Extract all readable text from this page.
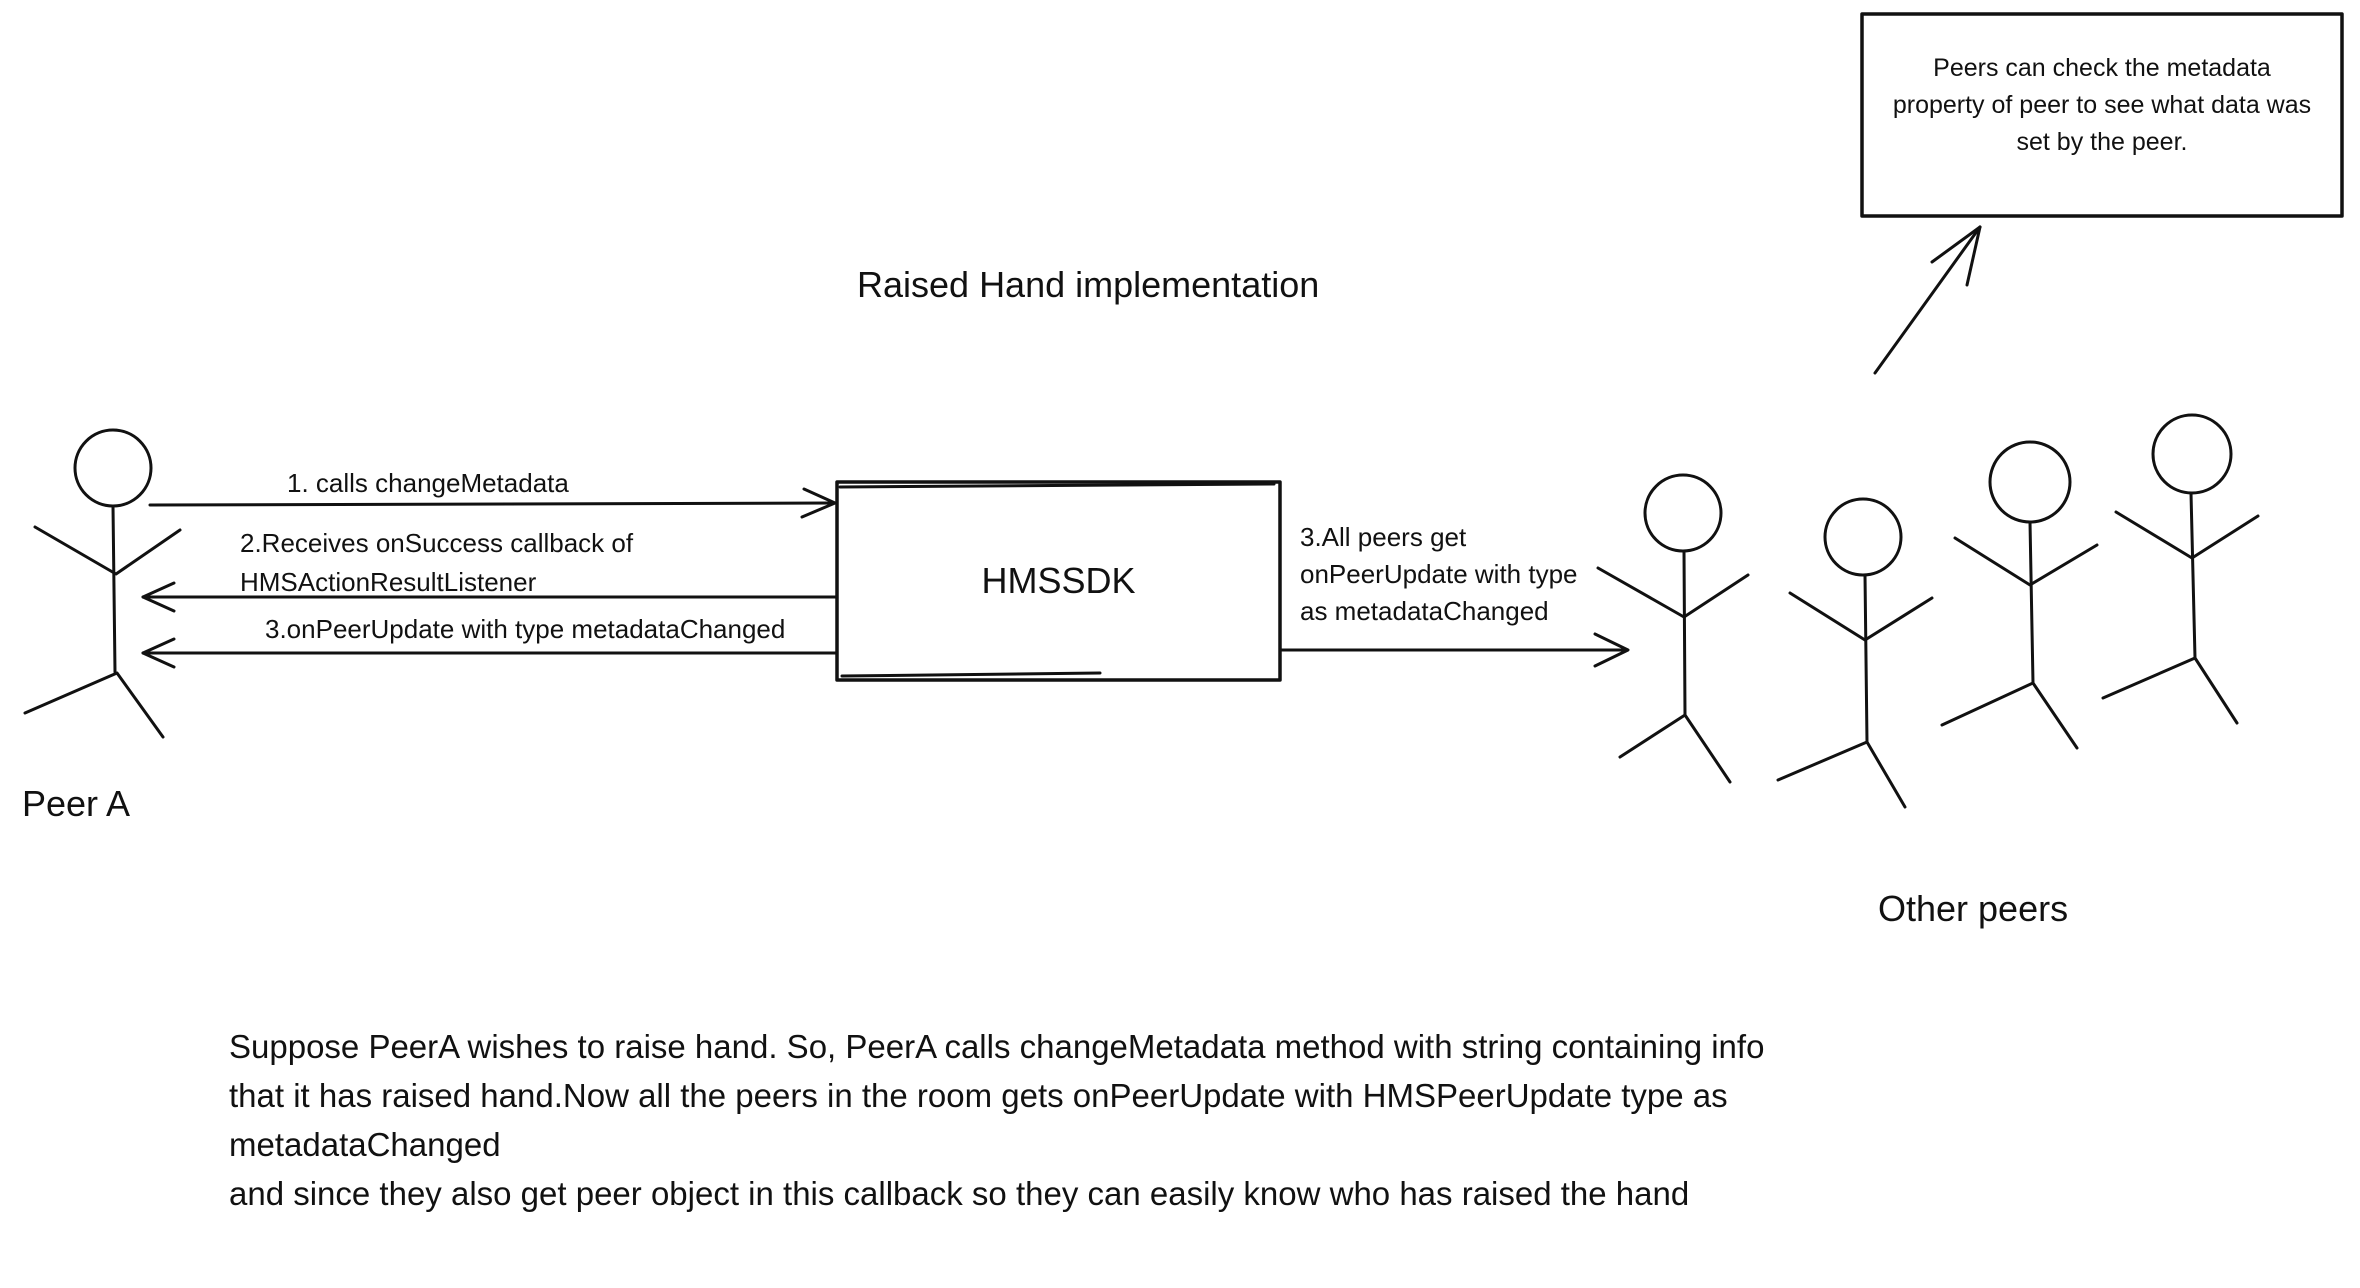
Raised Hand implementation
Peers can check the metadata
property of peer to see what data was
set by the peer.
HMSSDK
1. calls changeMetadata
2.Receives onSuccess callback of
HMSActionResultListener
3.onPeerUpdate with type metadataChanged
3.All peers get
onPeerUpdate with type
as metadataChanged
Peer A
Other peers
Suppose PeerA wishes to raise hand. So, PeerA calls changeMetadata method with string containing info
that it has raised hand.Now all the peers in the room gets onPeerUpdate with HMSPeerUpdate type as
metadataChanged
and since they also get peer object in this callback so they can easily know who has raised the hand
